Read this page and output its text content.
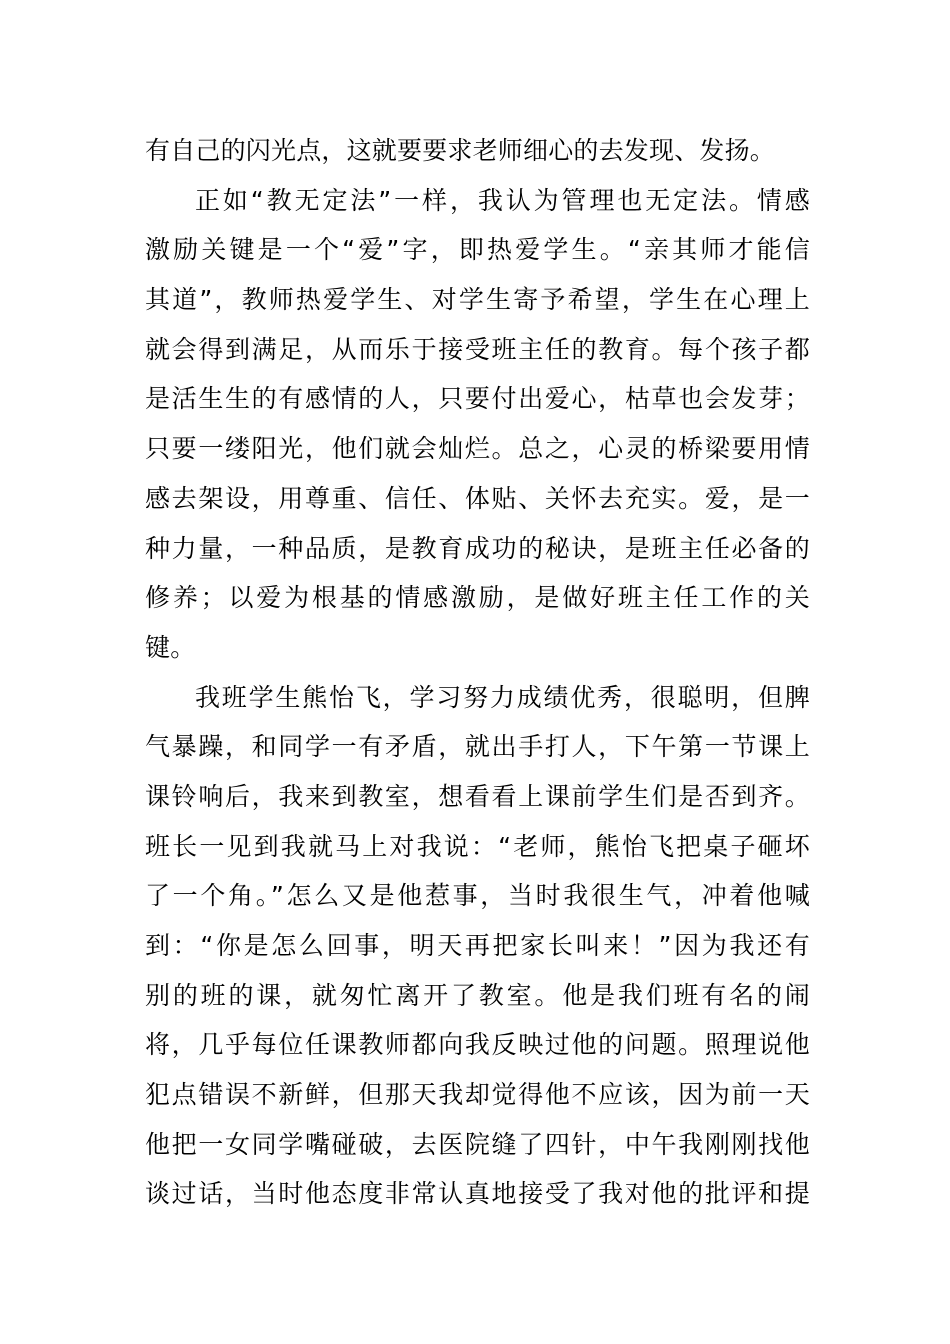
有自己的闪光点，这就要要求老师细心的去发现、发扬。
正如“教无定法”一样，我认为管理也无定法。情感
激励关键是一个“爱”字，即热爱学生。“亲其师才能信
其道”，教师热爱学生、对学生寄予希望，学生在心理上
就会得到满足，从而乐于接受班主任的教育。每个孩子都
是活生生的有感情的人，只要付出爱心，枯草也会发芽；
只要一缕阳光，他们就会灿烂。总之，心灵的桥梁要用情
感去架设，用尊重、信任、体贴、关怀去充实。爱，是一
种力量，一种品质，是教育成功的秘诀，是班主任必备的
修养；以爱为根基的情感激励，是做好班主任工作的关
键。
我班学生熊怡飞，学习努力成绩优秀，很聪明，但脾
气暴躁，和同学一有矛盾，就出手打人，下午第一节课上
课铃响后，我来到教室，想看看上课前学生们是否到齐。
班长一见到我就马上对我说：“老师，熊怡飞把桌子砸坏
了一个角。”怎么又是他惹事，当时我很生气，冲着他喊
到：“你是怎么回事，明天再把家长叫来！”因为我还有
别的班的课，就匆忙离开了教室。他是我们班有名的闹
将，几乎每位任课教师都向我反映过他的问题。照理说他
犯点错误不新鲜，但那天我却觉得他不应该，因为前一天
他把一女同学嘴碰破，去医院缝了四针，中午我刚刚找他
谈过话，当时他态度非常认真地接受了我对他的批评和提
